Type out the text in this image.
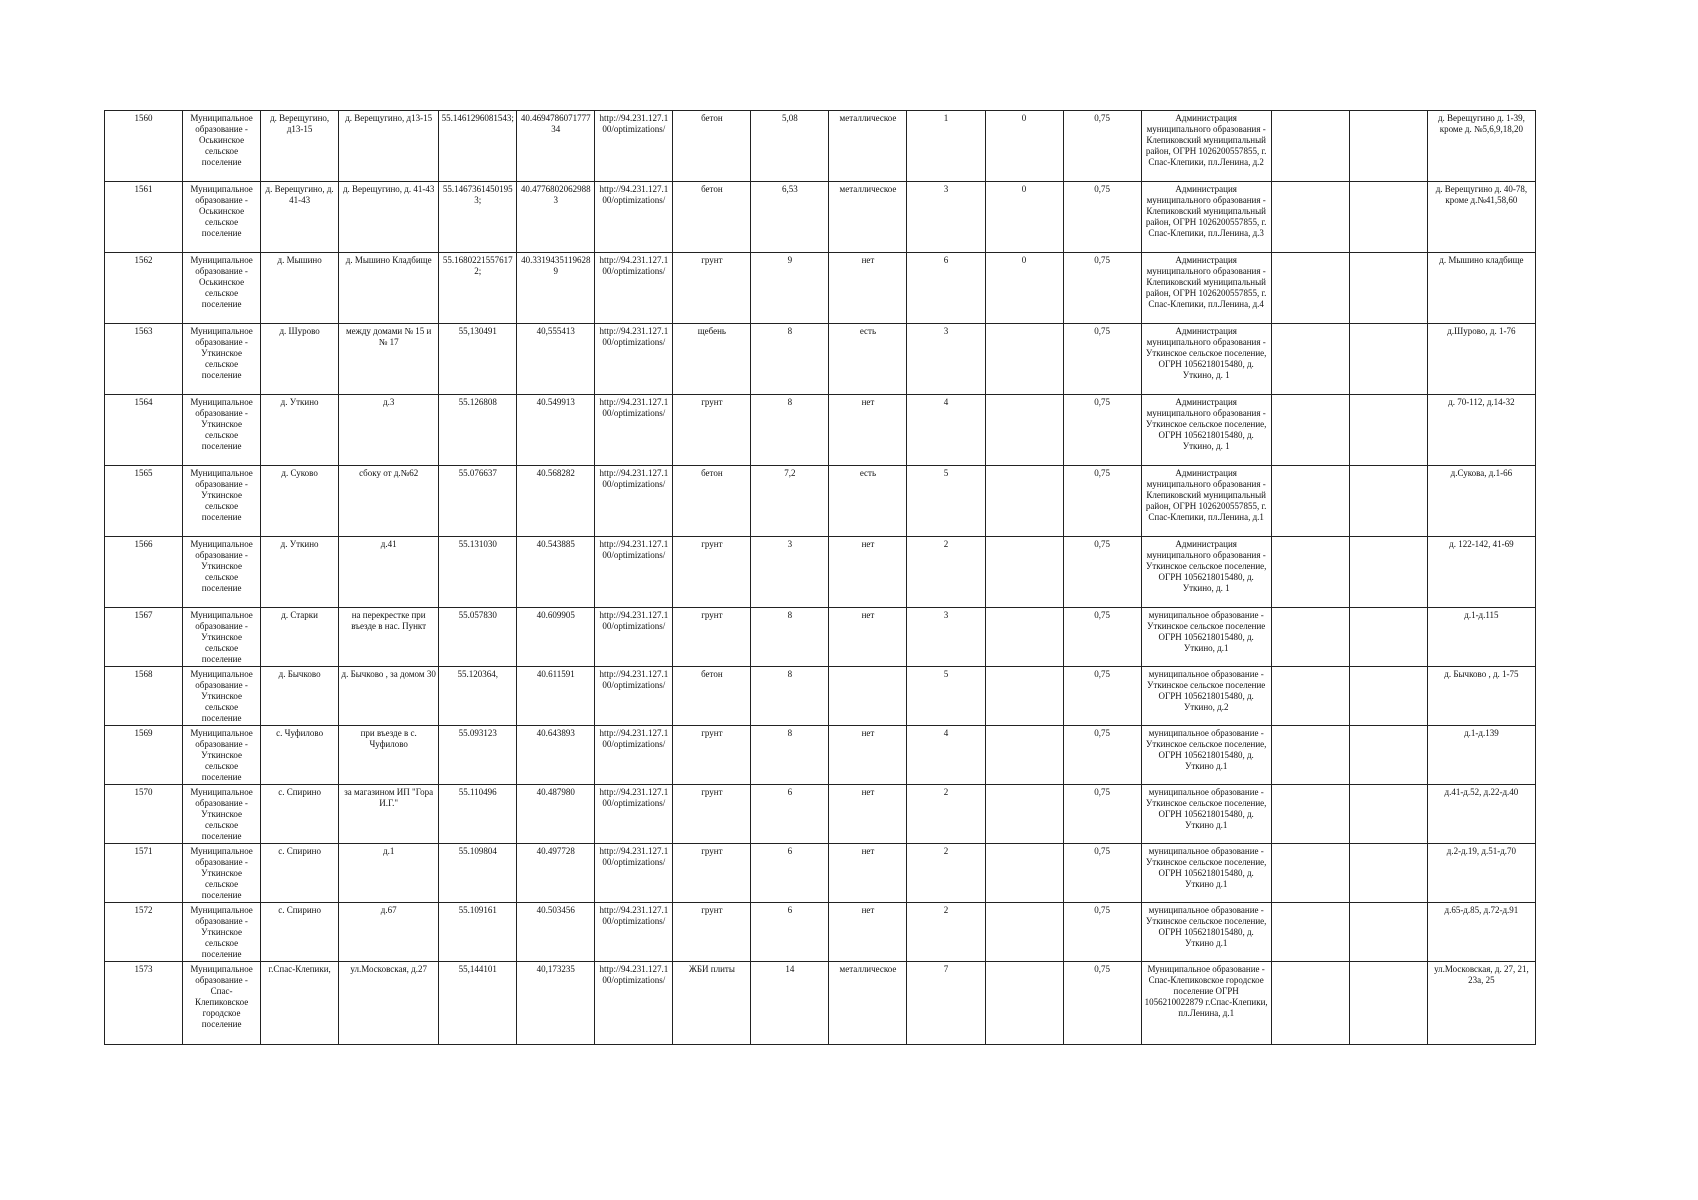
1560	Муниципальное образование - Оськинское сельское поселение	д. Верещугино, д13-15	д. Верещугино, д13-15	55.1461296081543;	40.4694786071777 34	http://94.231.127.100/optimizations/	бетон	5,08	металлическое	1	0	0,75	Администрация муниципального образования - Клепиковский муниципальный район, ОГРН 1026200557855, г. Спас-Клепики, пл.Ленина, д.2			д. Верещугино д. 1-39, кроме д. №5,6,9,18,20
1561	Муниципальное образование - Оськинское сельское поселение	д. Верещугино, д. 41-43	д. Верещугино, д. 41-43	55.1467361450195 3;	40.4776802062988 3	http://94.231.127.100/optimizations/	бетон	6,53	металлическое	3	0	0,75	Администрация муниципального образования - Клепиковский муниципальный район, ОГРН 1026200557855, г. Спас-Клепики, пл.Ленина, д.3			д. Верещугино д. 40-78, кроме д.№41,58,60
1562	Муниципальное образование - Оськинское сельское поселение	д. Мышино	д. Мышино Кладбище	55.1680221557617 2;	40.3319435119628 9	http://94.231.127.100/optimizations/	грунт	9	нет	6	0	0,75	Администрация муниципального образования - Клепиковский муниципальный район, ОГРН 1026200557855, г. Спас-Клепики, пл.Ленина, д.4			д. Мышино кладбище
1563	Муниципальное образование - Уткинское сельское поселение	д. Шурово	между домами № 15 и № 17	55,130491	40,555413	http://94.231.127.100/optimizations/	щебень	8	есть	3		0,75	Администрация муниципального образования - Уткинское сельское поселение, ОГРН 1056218015480, д. Уткино, д. 1			д.Шурово, д. 1-76
1564	Муниципальное образование - Уткинское сельское поселение	д. Уткино	д.3	55.126808	40.549913	http://94.231.127.100/optimizations/	грунт	8	нет	4		0,75	Администрация муниципального образования - Уткинское сельское поселение, ОГРН 1056218015480, д. Уткино, д. 1			д. 70-112, д.14-32
1565	Муниципальное образование - Уткинское сельское поселение	д. Суково	сбоку от д.№62	55.076637	40.568282	http://94.231.127.100/optimizations/	бетон	7,2	есть	5		0,75	Администрация муниципального образования - Клепиковский муниципальный район, ОГРН 1026200557855, г. Спас-Клепики, пл.Ленина, д.1			д.Сукова, д.1-66
1566	Муниципальное образование - Уткинское сельское поселение	д. Уткино	д.41	55.131030	40.543885	http://94.231.127.100/optimizations/	грунт	3	нет	2		0,75	Администрация муниципального образования - Уткинское сельское поселение, ОГРН 1056218015480, д. Уткино, д. 1			д. 122-142, 41-69
1567	Муниципальное образование - Уткинское сельское поселение	д. Старки	на перекрестке при въезде в нас. Пункт	55.057830	40.609905	http://94.231.127.100/optimizations/	грунт	8	нет	3		0,75	муниципальное образование - Уткинское сельское поселение ОГРН 1056218015480, д. Уткино, д.1			д.1-д.115
1568	Муниципальное образование - Уткинское сельское поселение	д. Бычково	д. Бычково , за домом 30	55.120364,	40.611591	http://94.231.127.100/optimizations/	бетон	8		5		0,75	муниципальное образование - Уткинское сельское поселение ОГРН 1056218015480, д. Уткино, д.2			д. Бычково , д. 1-75
1569	Муниципальное образование - Уткинское сельское поселение	с. Чуфилово	при въезде в с. Чуфилово	55.093123	40.643893	http://94.231.127.100/optimizations/	грунт	8	нет	4		0,75	муниципальное образование - Уткинское сельское поселение, ОГРН 1056218015480, д. Уткино д.1			д.1-д.139
1570	Муниципальное образование - Уткинское сельское поселение	с. Спирино	за магазином ИП "Гора И.Г."	55.110496	40.487980	http://94.231.127.100/optimizations/	грунт	6	нет	2		0,75	муниципальное образование - Уткинское сельское поселение, ОГРН 1056218015480, д. Уткино д.1			д.41-д.52, д.22-д.40
1571	Муниципальное образование - Уткинское сельское поселение	с. Спирино	д.1	55.109804	40.497728	http://94.231.127.100/optimizations/	грунт	6	нет	2		0,75	муниципальное образование - Уткинское сельское поселение, ОГРН 1056218015480, д. Уткино д.1			д.2-д.19, д.51-д.70
1572	Муниципальное образование - Уткинское сельское поселение	с. Спирино	д.67	55.109161	40.503456	http://94.231.127.100/optimizations/	грунт	6	нет	2		0,75	муниципальное образование - Уткинское сельское поселение, ОГРН 1056218015480, д. Уткино д.1			д.65-д.85, д.72-д.91
1573	Муниципальное образование - Спас-Клепиковское городское поселение	г.Спас-Клепики,	ул.Московская, д.27	55,144101	40,173235	http://94.231.127.100/optimizations/	ЖБИ плиты	14	металлическое	7		0,75	Муниципальное образование - Спас-Клепиковское городское поселение ОГРН 1056210022879 г.Спас-Клепики, пл.Ленина, д.1			ул.Московская, д. 27, 21, 23а, 25
